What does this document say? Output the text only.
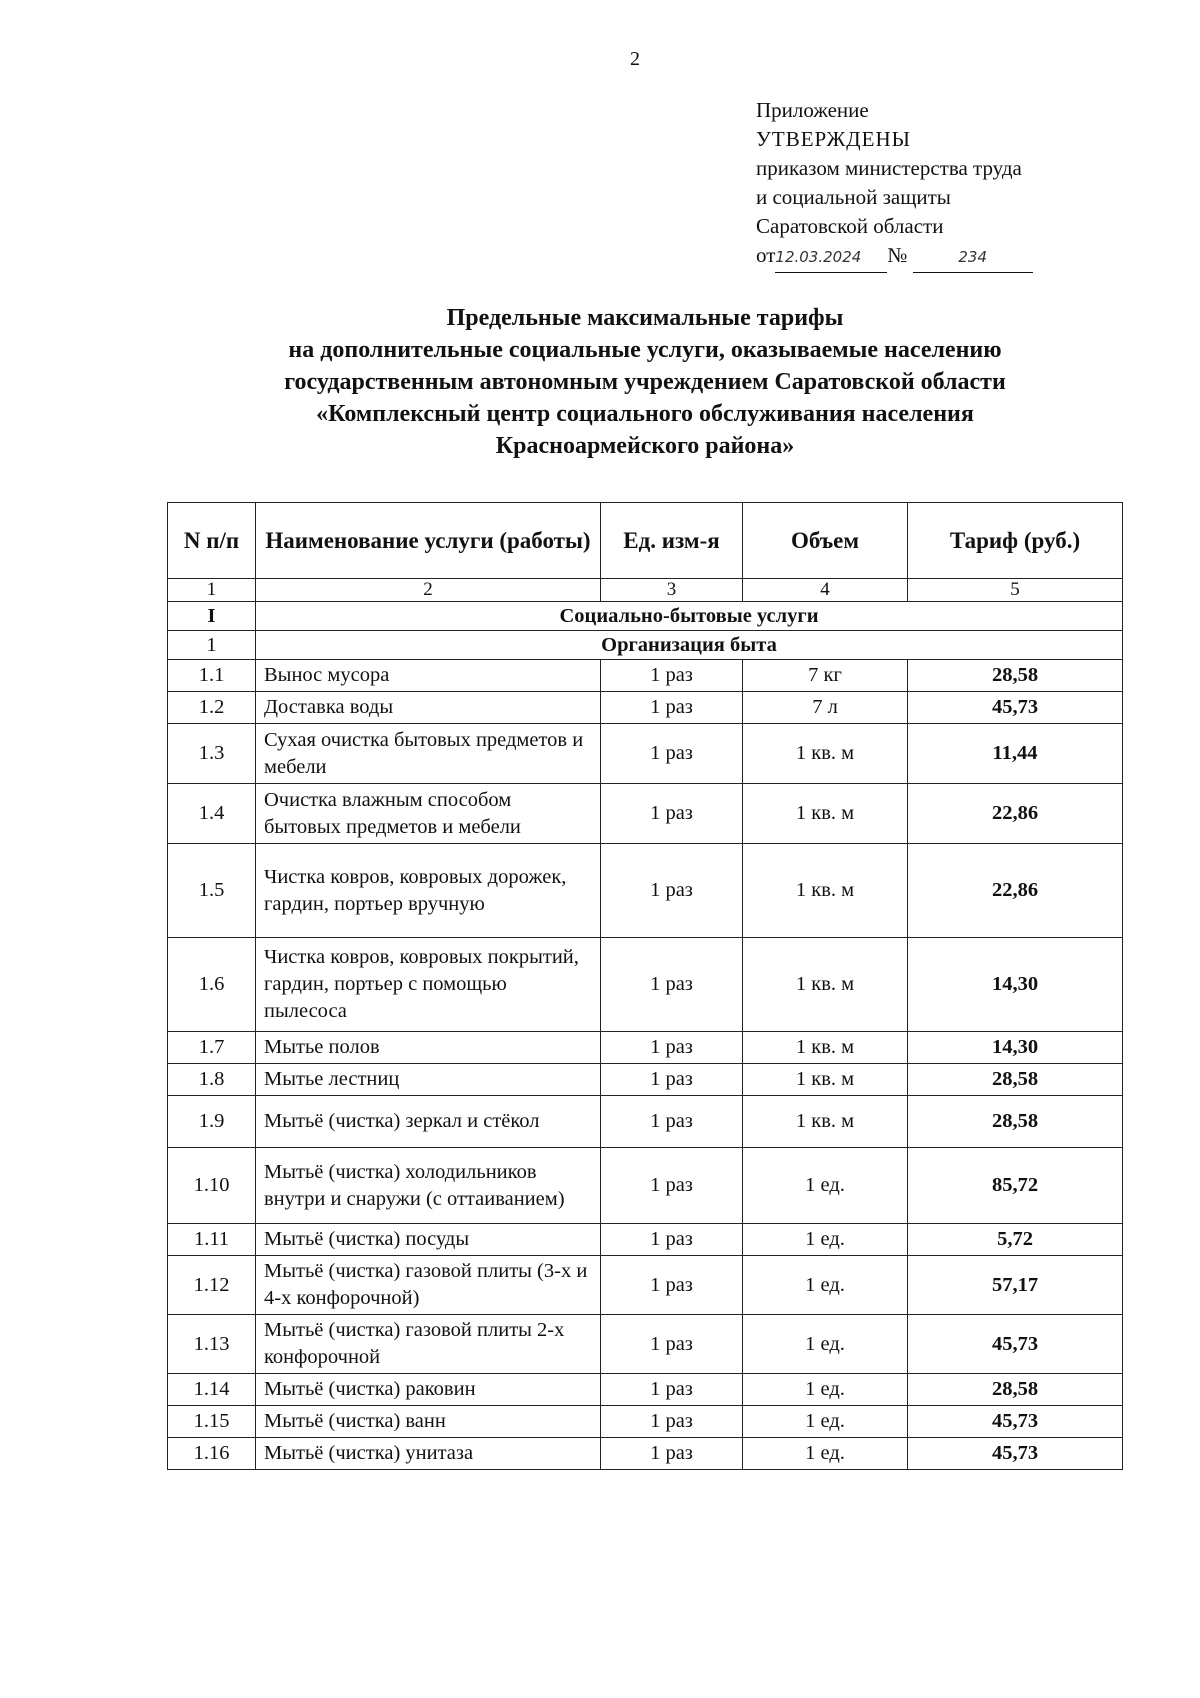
2
Приложение
УТВЕРЖДЕНЫ
приказом министерства труда
и социальной защиты
Саратовской области
от12.03.2024 №	234
Предельные максимальные тарифы
на дополнительные социальные услуги, оказываемые населению
государственным автономным учреждением Саратовской области
«Комплексный центр социального обслуживания населения
Красноармейского района»
N п/п	Наименование услуги (работы)	Ед. изм-я	Объем	Тариф (руб.)
1	2	3	4	5
I	Социально-бытовые услуги			
1	Организация быта			
1.1	Вынос мусора	1 раз	7 кг	28,58
1.2	Доставка воды	1 раз	7 л	45,73
1.3	Сухая очистка бытовых предметов и мебели	1 раз	1 кв. м	11,44
1.4	Очистка влажным способом бытовых предметов и мебели	1 раз	1 кв. м	22,86
1.5	Чистка ковров, ковровых дорожек, гардин, портьер вручную	1 раз	1 кв. м	22,86
1.6	Чистка ковров, ковровых покрытий, гардин, портьер с помощью пылесоса	1 раз	1 кв. м	14,30
1.7	Мытье полов	1 раз	1 кв. м	14,30
1.8	Мытье лестниц	1 раз	1 кв. м	28,58
1.9	Мытьё (чистка) зеркал и стёкол	1 раз	1 кв. м	28,58
1.10	Мытьё (чистка) холодильников внутри и снаружи (с оттаиванием)	1 раз	1 ед.	85,72
1.11	Мытьё (чистка) посуды	1 раз	1 ед.	5,72
1.12	Мытьё (чистка) газовой плиты (3-х и 4-х конфорочной)	1 раз	1 ед.	57,17
1.13	Мытьё (чистка) газовой плиты 2-х конфорочной	1 раз	1 ед.	45,73
1.14	Мытьё (чистка) раковин	1 раз	1 ед.	28,58
1.15	Мытьё (чистка) ванн	1 раз	1 ед.	45,73
1.16	Мытьё (чистка) унитаза	1 раз	1 ед.	45,73
